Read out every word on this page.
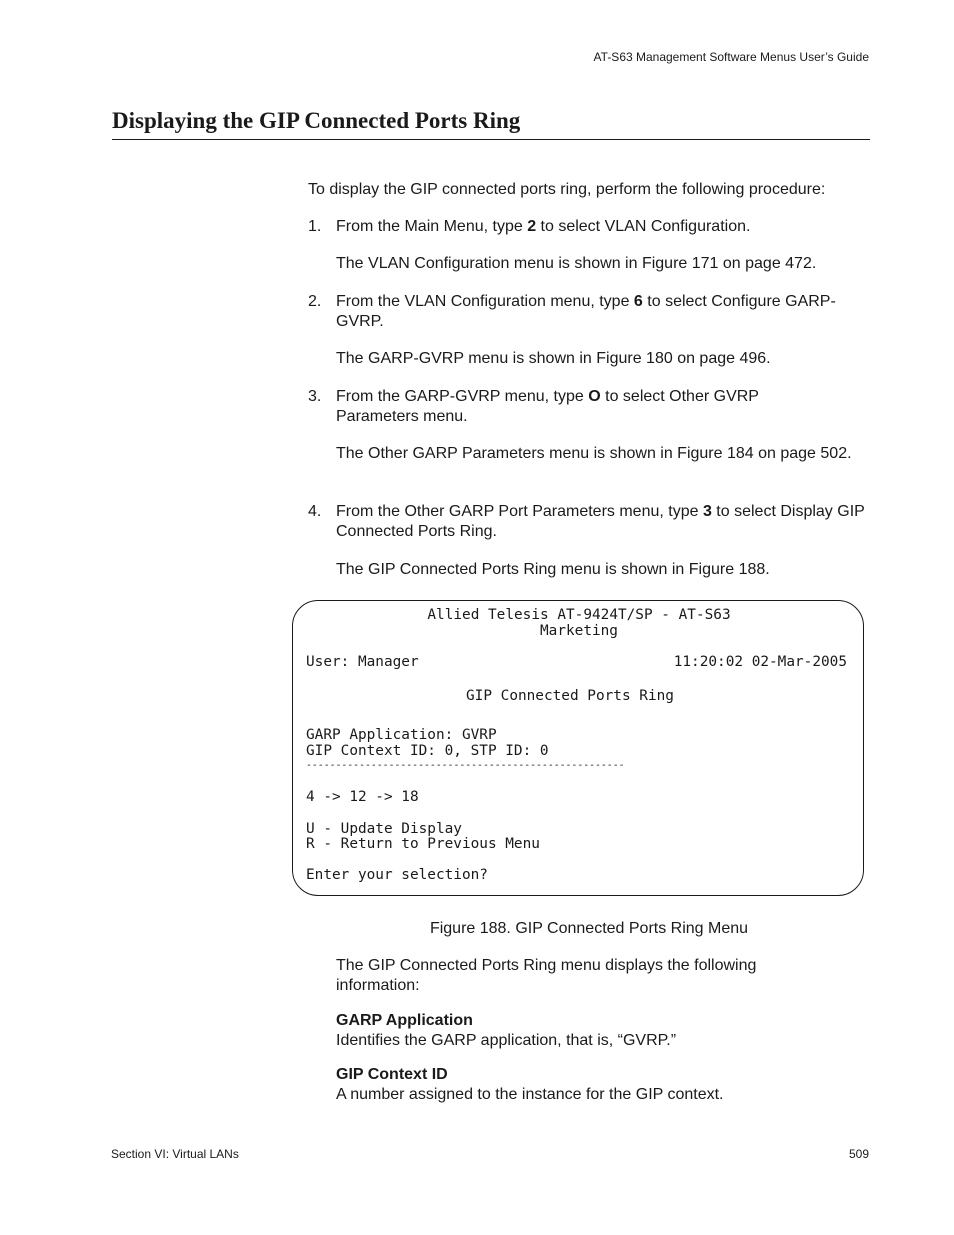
AT-S63 Management Software Menus User’s Guide
Displaying the GIP Connected Ports Ring
To display the GIP connected ports ring, perform the following procedure:
1. From the Main Menu, type 2 to select VLAN Configuration.
The VLAN Configuration menu is shown in Figure 171 on page 472.
2. From the VLAN Configuration menu, type 6 to select Configure GARP-GVRP.
The GARP-GVRP menu is shown in Figure 180 on page 496.
3. From the GARP-GVRP menu, type O to select Other GVRP Parameters menu.
The Other GARP Parameters menu is shown in Figure 184 on page 502.
4. From the Other GARP Port Parameters menu, type 3 to select Display GIP Connected Ports Ring.
The GIP Connected Ports Ring menu is shown in Figure 188.
Allied Telesis AT-9424T/SP - AT-S63
Marketing
User: Manager	11:20:02 02-Mar-2005
GIP Connected Ports Ring
GARP Application: GVRP
GIP Context ID: 0, STP ID: 0
------------------------------------------------------
4 -> 12 -> 18
U - Update Display
R - Return to Previous Menu
Enter your selection?
Figure 188. GIP Connected Ports Ring Menu
The GIP Connected Ports Ring menu displays the following information:
GARP Application
Identifies the GARP application, that is, “GVRP.”
GIP Context ID
A number assigned to the instance for the GIP context.
Section VI: Virtual LANs	509
